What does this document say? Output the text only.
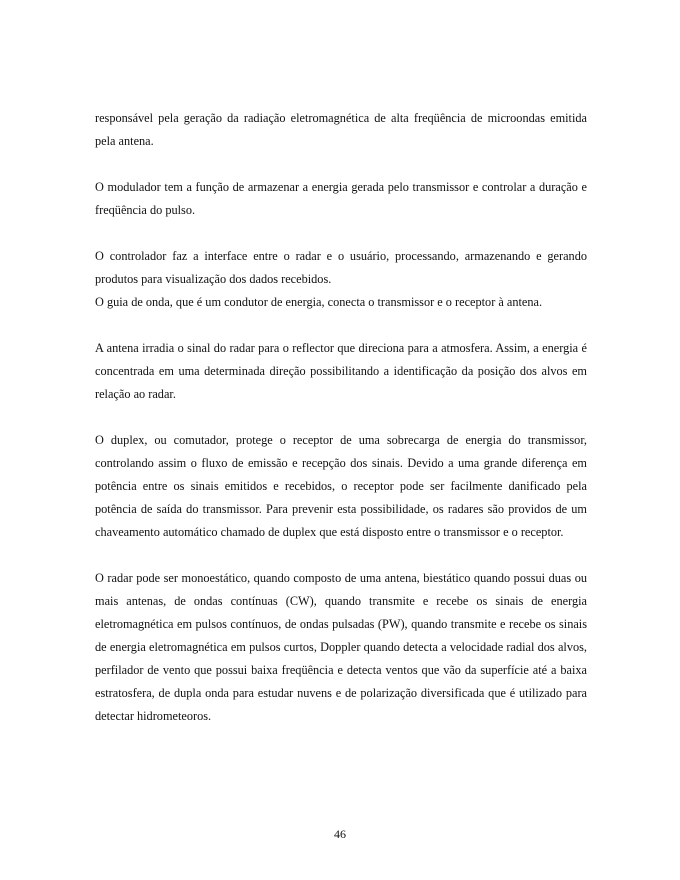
responsável pela geração da radiação eletromagnética de alta freqüência de microondas emitida pela antena.

O modulador tem a função de armazenar a energia gerada pelo transmissor e controlar a duração e freqüência do pulso.

O controlador faz a interface entre o radar e o usuário, processando, armazenando e gerando produtos para visualização dos dados recebidos.

O guia de onda, que é um condutor de energia, conecta o transmissor e o receptor à antena.

A antena irradia o sinal do radar para o reflector que direciona para a atmosfera. Assim, a energia é concentrada em uma determinada direção possibilitando a identificação da posição dos alvos em relação ao radar.

O duplex, ou comutador, protege o receptor de uma sobrecarga de energia do transmissor, controlando assim o fluxo de emissão e recepção dos sinais. Devido a uma grande diferença em potência entre os sinais emitidos e recebidos, o receptor pode ser facilmente danificado pela potência de saída do transmissor. Para prevenir esta possibilidade, os radares são providos de um chaveamento automático chamado de duplex que está disposto entre o transmissor e o receptor.

O radar pode ser monoestático, quando composto de uma antena, biestático quando possui duas ou mais antenas, de ondas contínuas (CW), quando transmite e recebe os sinais de energia eletromagnética em pulsos contínuos, de ondas pulsadas (PW), quando transmite e recebe os sinais de energia eletromagnética em pulsos curtos, Doppler quando detecta a velocidade radial dos alvos, perfilador de vento que possui baixa freqüência e detecta ventos que vão da superfície até a baixa estratosfera, de dupla onda para estudar nuvens e de polarização diversificada que é utilizado para detectar hidrometeoros.

46
